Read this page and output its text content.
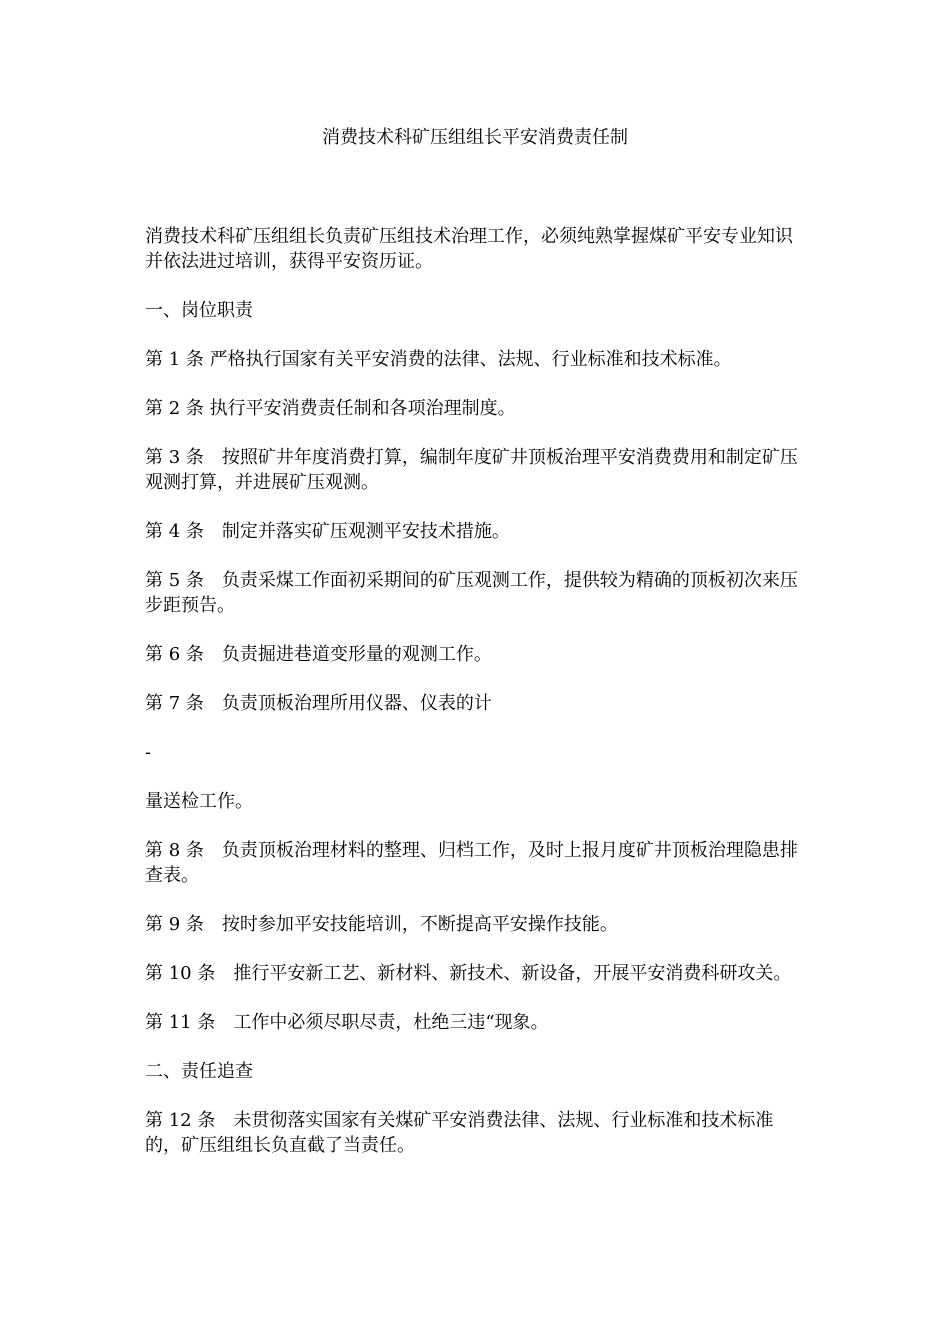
消费技术科矿压组组长平安消费责任制

消费技术科矿压组组长负责矿压组技术治理工作，必须纯熟掌握煤矿平安专业知识并依法进过培训，获得平安资历证。

一、岗位职责

第 1 条 严格执行国家有关平安消费的法律、法规、行业标准和技术标准。

第 2 条 执行平安消费责任制和各项治理制度。

第 3 条　按照矿井年度消费打算，编制年度矿井顶板治理平安消费费用和制定矿压观测打算，并进展矿压观测。

第 4 条　制定并落实矿压观测平安技术措施。

第 5 条　负责采煤工作面初采期间的矿压观测工作，提供较为精确的顶板初次来压步距预告。

第 6 条　负责掘进巷道变形量的观测工作。

第 7 条　负责顶板治理所用仪器、仪表的计

-

量送检工作。

第 8 条　负责顶板治理材料的整理、归档工作，及时上报月度矿井顶板治理隐患排查表。

第 9 条　按时参加平安技能培训，不断提高平安操作技能。

第 10 条　推行平安新工艺、新材料、新技术、新设备，开展平安消费科研攻关。

第 11 条　工作中必须尽职尽责，杜绝三违“现象。

二、责任追查

第 12 条　未贯彻落实国家有关煤矿平安消费法律、法规、行业标准和技术标准的，矿压组组长负直截了当责任。
